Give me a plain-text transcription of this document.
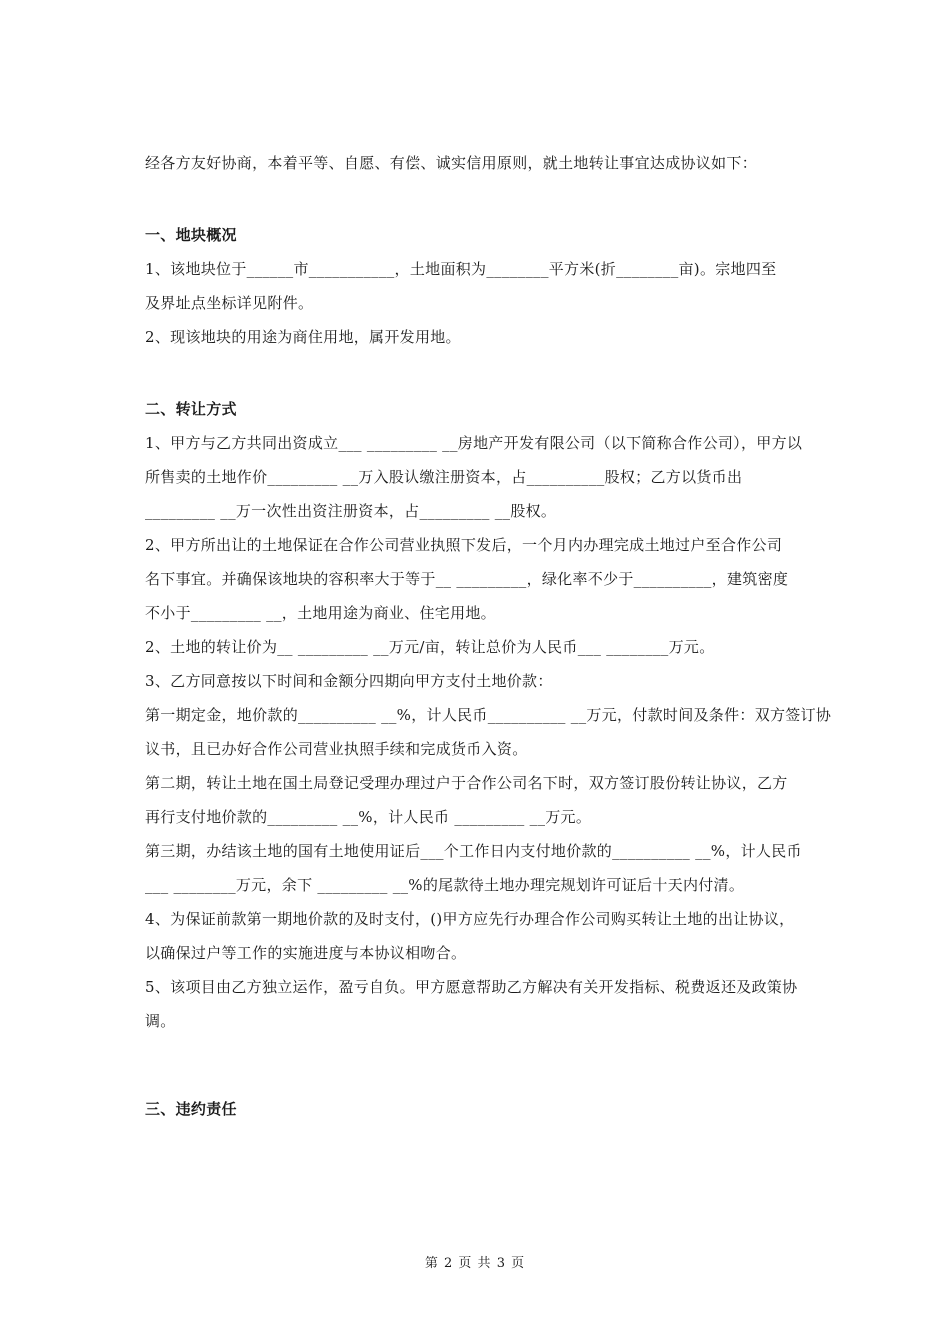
经各方友好协商，本着平等、自愿、有偿、诚实信用原则，就土地转让事宜达成协议如下：

一、地块概况

1、该地块位于______市___________，土地面积为________平方米(折________亩)。宗地四至

及界址点坐标详见附件。

2、现该地块的用途为商住用地，属开发用地。

二、转让方式

1、甲方与乙方共同出资成立___ _________ __房地产开发有限公司（以下简称合作公司），甲方以

所售卖的土地作价_________ __万入股认缴注册资本，占__________股权；乙方以货币出

_________ __万一次性出资注册资本，占_________ __股权。

2、甲方所出让的土地保证在合作公司营业执照下发后，一个月内办理完成土地过户至合作公司

名下事宜。并确保该地块的容积率大于等于__ _________，绿化率不少于__________，建筑密度

不小于_________ __，土地用途为商业、住宅用地。

2、土地的转让价为__ _________ __万元/亩，转让总价为人民币___ ________万元。

3、乙方同意按以下时间和金额分四期向甲方支付土地价款：

第一期定金，地价款的__________ __%，计人民币__________ __万元，付款时间及条件：双方签订协

议书，且已办好合作公司营业执照手续和完成货币入资。

第二期，转让土地在国土局登记受理办理过户于合作公司名下时，双方签订股份转让协议，乙方

再行支付地价款的_________ __%，计人民币 _________ __万元。

第三期，办结该土地的国有土地使用证后___个工作日内支付地价款的__________ __%，计人民币

___ ________万元，余下 _________ __%的尾款待土地办理完规划许可证后十天内付清。

4、为保证前款第一期地价款的及时支付，()甲方应先行办理合作公司购买转让土地的出让协议，

以确保过户等工作的实施进度与本协议相吻合。

5、该项目由乙方独立运作，盈亏自负。甲方愿意帮助乙方解决有关开发指标、税费返还及政策协

调。

三、违约责任

第 2 页 共 3 页
